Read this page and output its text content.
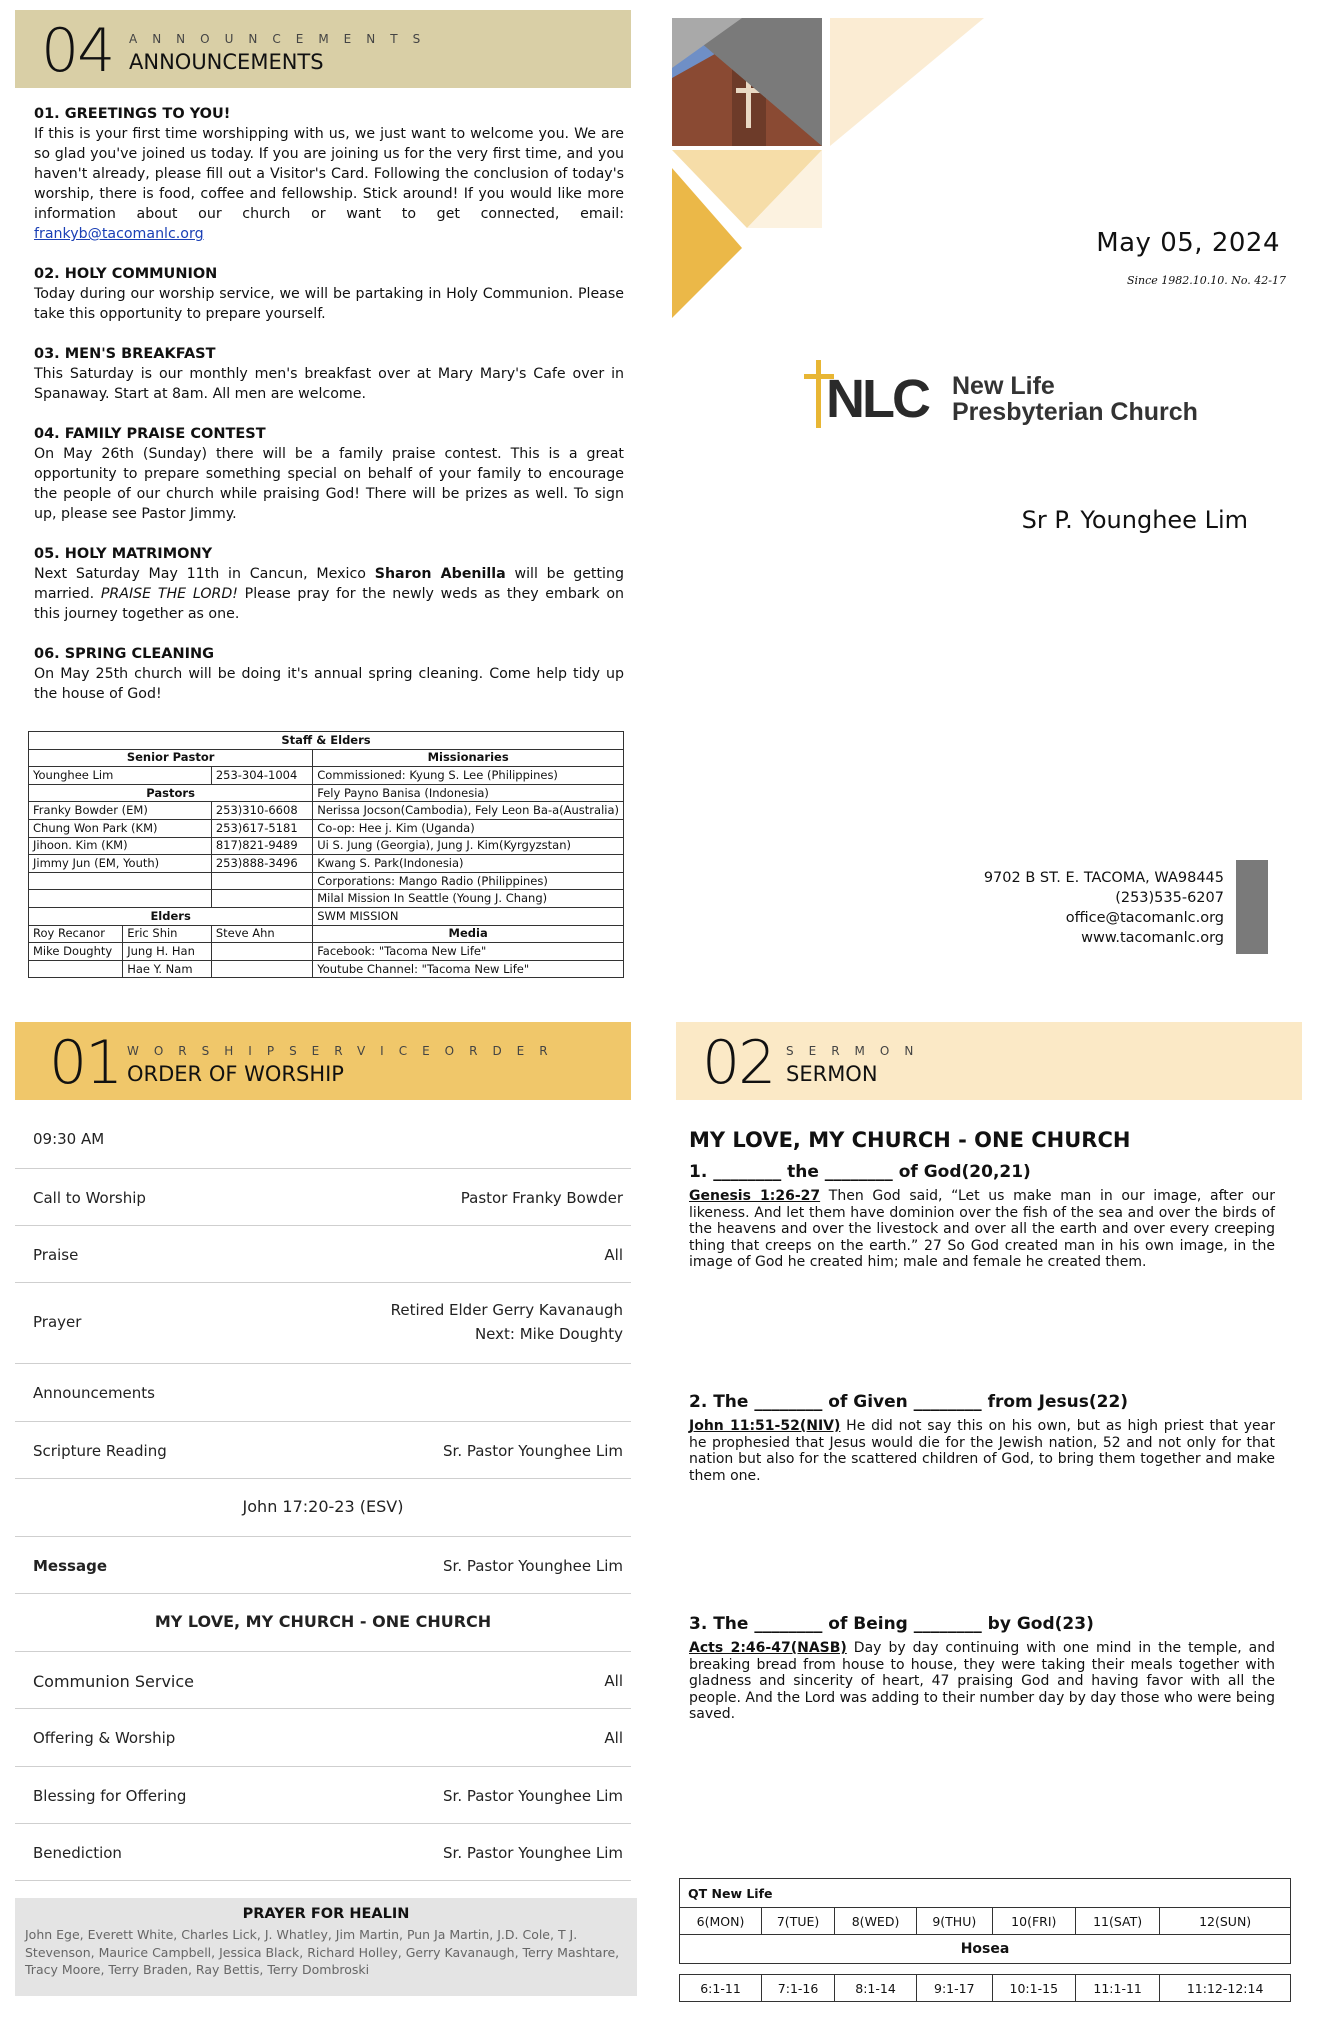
04 ANNOUNCEMENTS
ANNOUNCEMENTS
01. GREETINGS TO YOU!

If this is your first time worshipping with us, we just want to welcome you. We are so glad you've joined us today. If you are joining us for the very first time, and you haven't already, please fill out a Visitor's Card. Following the conclusion of today's worship, there is food, coffee and fellowship. Stick around! If you would like more information about our church or want to get connected, email: frankyb@tacomanlc.org

02. HOLY COMMUNION

Today during our worship service, we will be partaking in Holy Communion. Please take this opportunity to prepare yourself.

03. MEN'S BREAKFAST

This Saturday is our monthly men's breakfast over at Mary Mary's Cafe over in Spanaway. Start at 8am. All men are welcome.

04. FAMILY PRAISE CONTEST

On May 26th (Sunday) there will be a family praise contest. This is a great opportunity to prepare something special on behalf of your family to encourage the people of our church while praising God! There will be prizes as well. To sign up, please see Pastor Jimmy.

05. HOLY MATRIMONY

Next Saturday May 11th in Cancun, Mexico Sharon Abenilla will be getting married. PRAISE THE LORD! Please pray for the newly weds as they embark on this journey together as one.

06. SPRING CLEANING

On May 25th church will be doing it's annual spring cleaning. Come help tidy up the house of God!

Staff & Elders			
Senior Pastor			Missionaries
Younghee Lim		253-304-1004	Commissioned: Kyung S. Lee (Philippines)
Pastors			Fely Payno Banisa (Indonesia)
Franky Bowder (EM)		253)310-6608	Nerissa Jocson(Cambodia), Fely Leon Ba-a(Australia)
Chung Won Park (KM)		253)617-5181	Co-op: Hee j. Kim (Uganda)
Jihoon. Kim (KM)		817)821-9489	Ui S. Jung (Georgia), Jung J. Kim(Kyrgyzstan)
Jimmy Jun (EM, Youth)		253)888-3496	Kwang S. Park(Indonesia)
			Corporations: Mango Radio (Philippines)
			Milal Mission In Seattle (Young J. Chang)
Elders			SWM MISSION
Roy Recanor	Eric Shin	Steve Ahn	Media
Mike Doughty	Jung H. Han		Facebook: "Tacoma New Life"
	Hae Y. Nam		Youtube Channel: "Tacoma New Life"
May 05, 2024
Since 1982.10.10. No. 42-17
NLC New Life
Presbyterian Church
Sr P. Younghee Lim
9702 B ST. E. TACOMA, WA98445
(253)535-6207
office@tacomanlc.org
www.tacomanlc.org
01 WORSHIPSERVICEORDER
ORDER OF WORSHIP
09:30 AM
Call to Worship	Pastor Franky Bowder
Praise	All
Prayer
Retired Elder Gerry Kavanaugh
Next: Mike Doughty
Announcements
Scripture Reading	Sr. Pastor Younghee Lim
John 17:20-23 (ESV)
Message	Sr. Pastor Younghee Lim
MY LOVE, MY CHURCH - ONE CHURCH
Communion Service	All
Offering & Worship	All
Blessing for Offering	Sr. Pastor Younghee Lim
Benediction	Sr. Pastor Younghee Lim
PRAYER FOR HEALIN
John Ege, Everett White, Charles Lick, J. Whatley, Jim Martin, Pun Ja Martin, J.D. Cole, T J. Stevenson, Maurice Campbell, Jessica Black, Richard Holley, Gerry Kavanaugh, Terry Mashtare, Tracy Moore, Terry Braden, Ray Bettis, Terry Dombroski
02 SERMON
SERMON
MY LOVE, MY CHURCH - ONE CHURCH
1. ________ the ________ of God(20,21)
Genesis 1:26-27 Then God said, “Let us make man in our image, after our likeness. And let them have dominion over the fish of the sea and over the birds of the heavens and over the livestock and over all the earth and over every creeping thing that creeps on the earth.” 27 So God created man in his own image, in the image of God he created him; male and female he created them.
2. The ________ of Given ________ from Jesus(22)
John 11:51-52(NIV) He did not say this on his own, but as high priest that year he prophesied that Jesus would die for the Jewish nation, 52 and not only for that nation but also for the scattered children of God, to bring them together and make them one.
3. The ________ of Being ________ by God(23)
Acts 2:46-47(NASB) Day by day continuing with one mind in the temple, and breaking bread from house to house, they were taking their meals together with gladness and sincerity of heart, 47 praising God and having favor with all the people. And the Lord was adding to their number day by day those who were being saved.
QT New Life						
6(MON)	7(TUE)	8(WED)	9(THU)	10(FRI)	11(SAT)	12(SUN)
Hosea						

6:1-11	7:1-16	8:1-14	9:1-17	10:1-15	11:1-11	11:12-12:14
